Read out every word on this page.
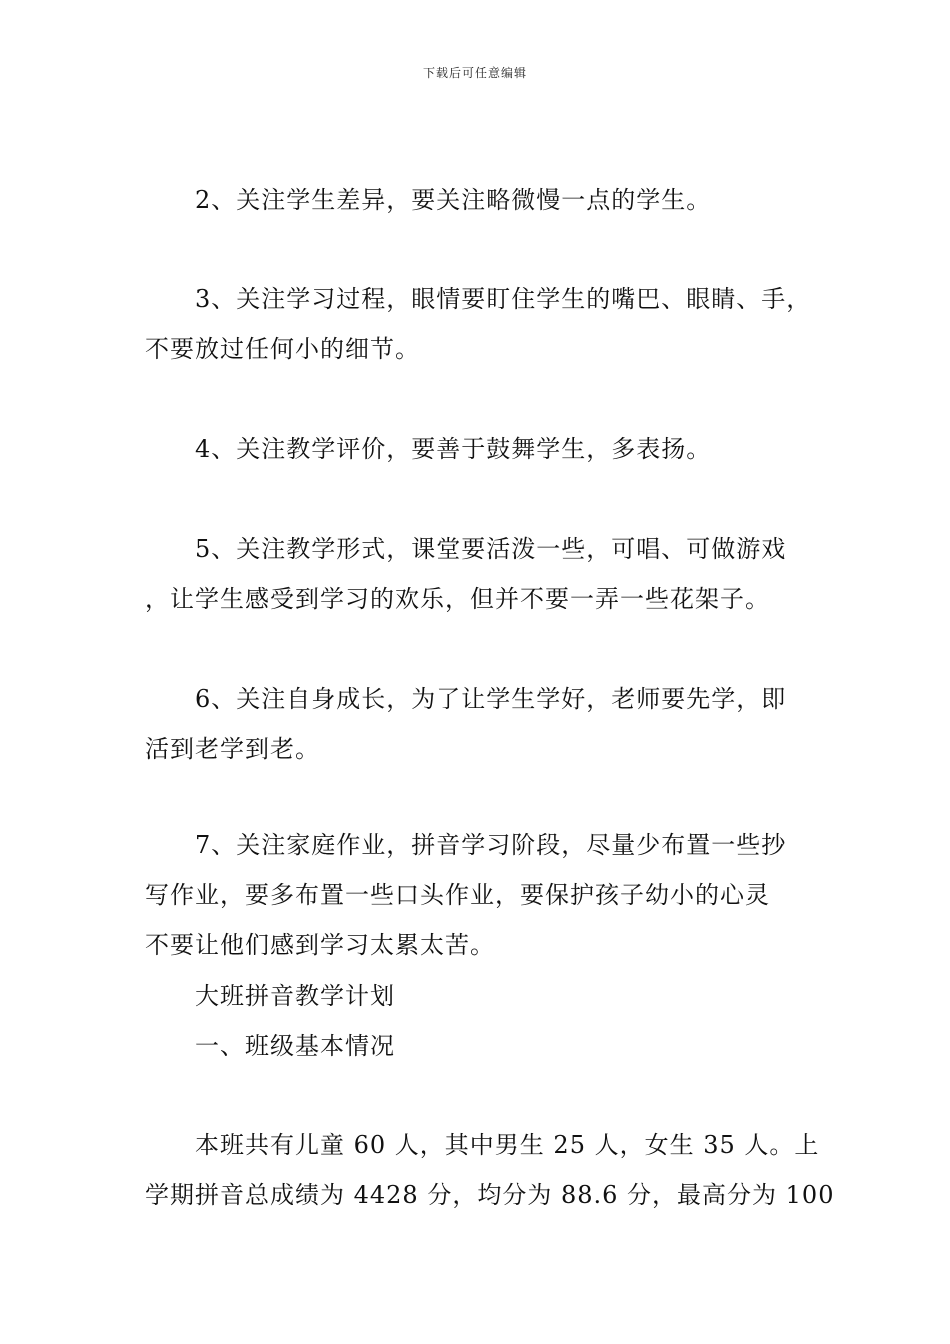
下载后可任意编辑
2、关注学生差异，要关注略微慢一点的学生。
3、关注学习过程，眼情要盯住学生的嘴巴、眼睛、手，
不要放过任何小的细节。
4、关注教学评价，要善于鼓舞学生，多表扬。
5、关注教学形式，课堂要活泼一些，可唱、可做游戏
，让学生感受到学习的欢乐，但并不要一弄一些花架子。
6、关注自身成长，为了让学生学好，老师要先学，即
活到老学到老。
7、关注家庭作业，拼音学习阶段，尽量少布置一些抄
写作业，要多布置一些口头作业，要保护孩子幼小的心灵
不要让他们感到学习太累太苦。
大班拼音教学计划
一、班级基本情况
本班共有儿童 60 人，其中男生 25 人，女生 35 人。上
学期拼音总成绩为 4428 分，均分为 88.6 分，最高分为 100
